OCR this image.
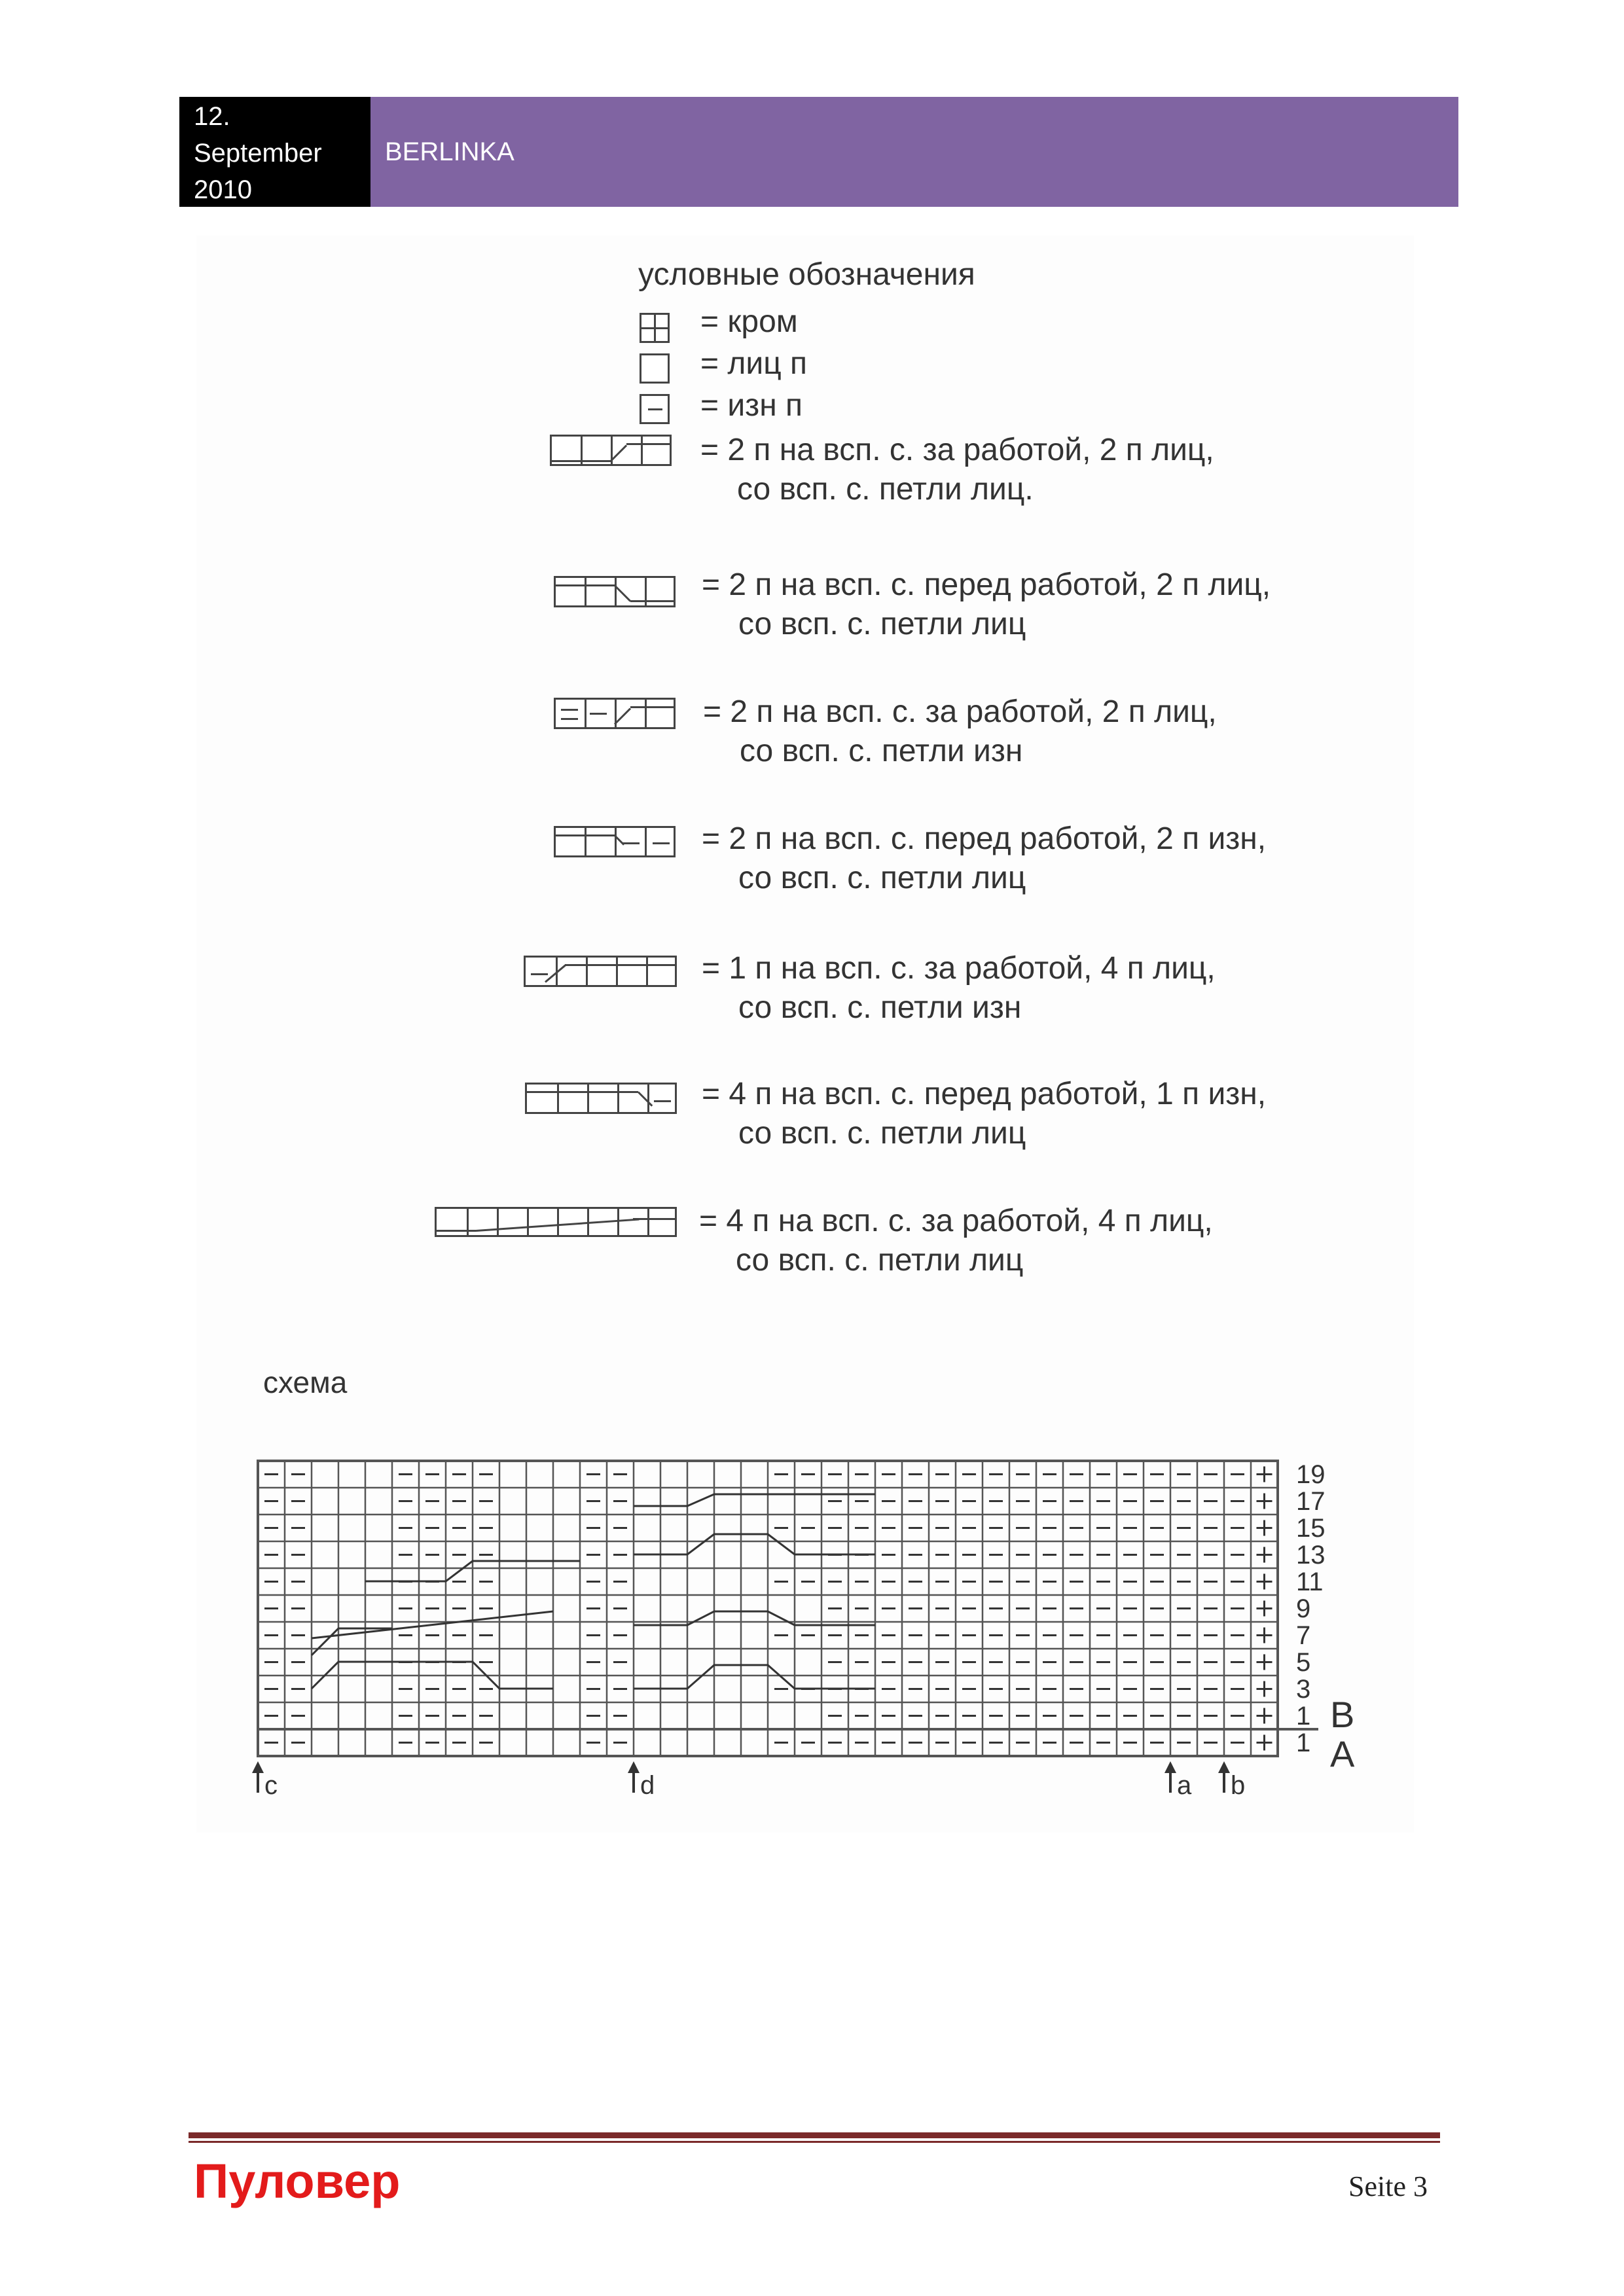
12.
September
2010
BERLINKA
условные обозначения
= кром
= лиц п
= изн п
= 2 п на всп. с. за работой, 2 п лиц,
со всп. с. петли лиц.
= 2 п на всп. с. перед работой, 2 п лиц,
со всп. с. петли лиц
= 2 п на всп. с. за работой, 2 п лиц,
со всп. с. петли изн
= 2 п на всп. с. перед работой, 2 п изн,
со всп. с. петли лиц
= 1 п на всп. с. за работой, 4 п лиц,
со всп. с. петли изн
= 4 п на всп. с. перед работой, 1 п изн,
со всп. с. петли лиц
= 4 п на всп. с. за работой, 4 п лиц,
со всп. с. петли лиц
схема
19
17
15
13
11
9
7
5
3
1
1
B
A
c	d	a b
Пуловер	Seite 3
